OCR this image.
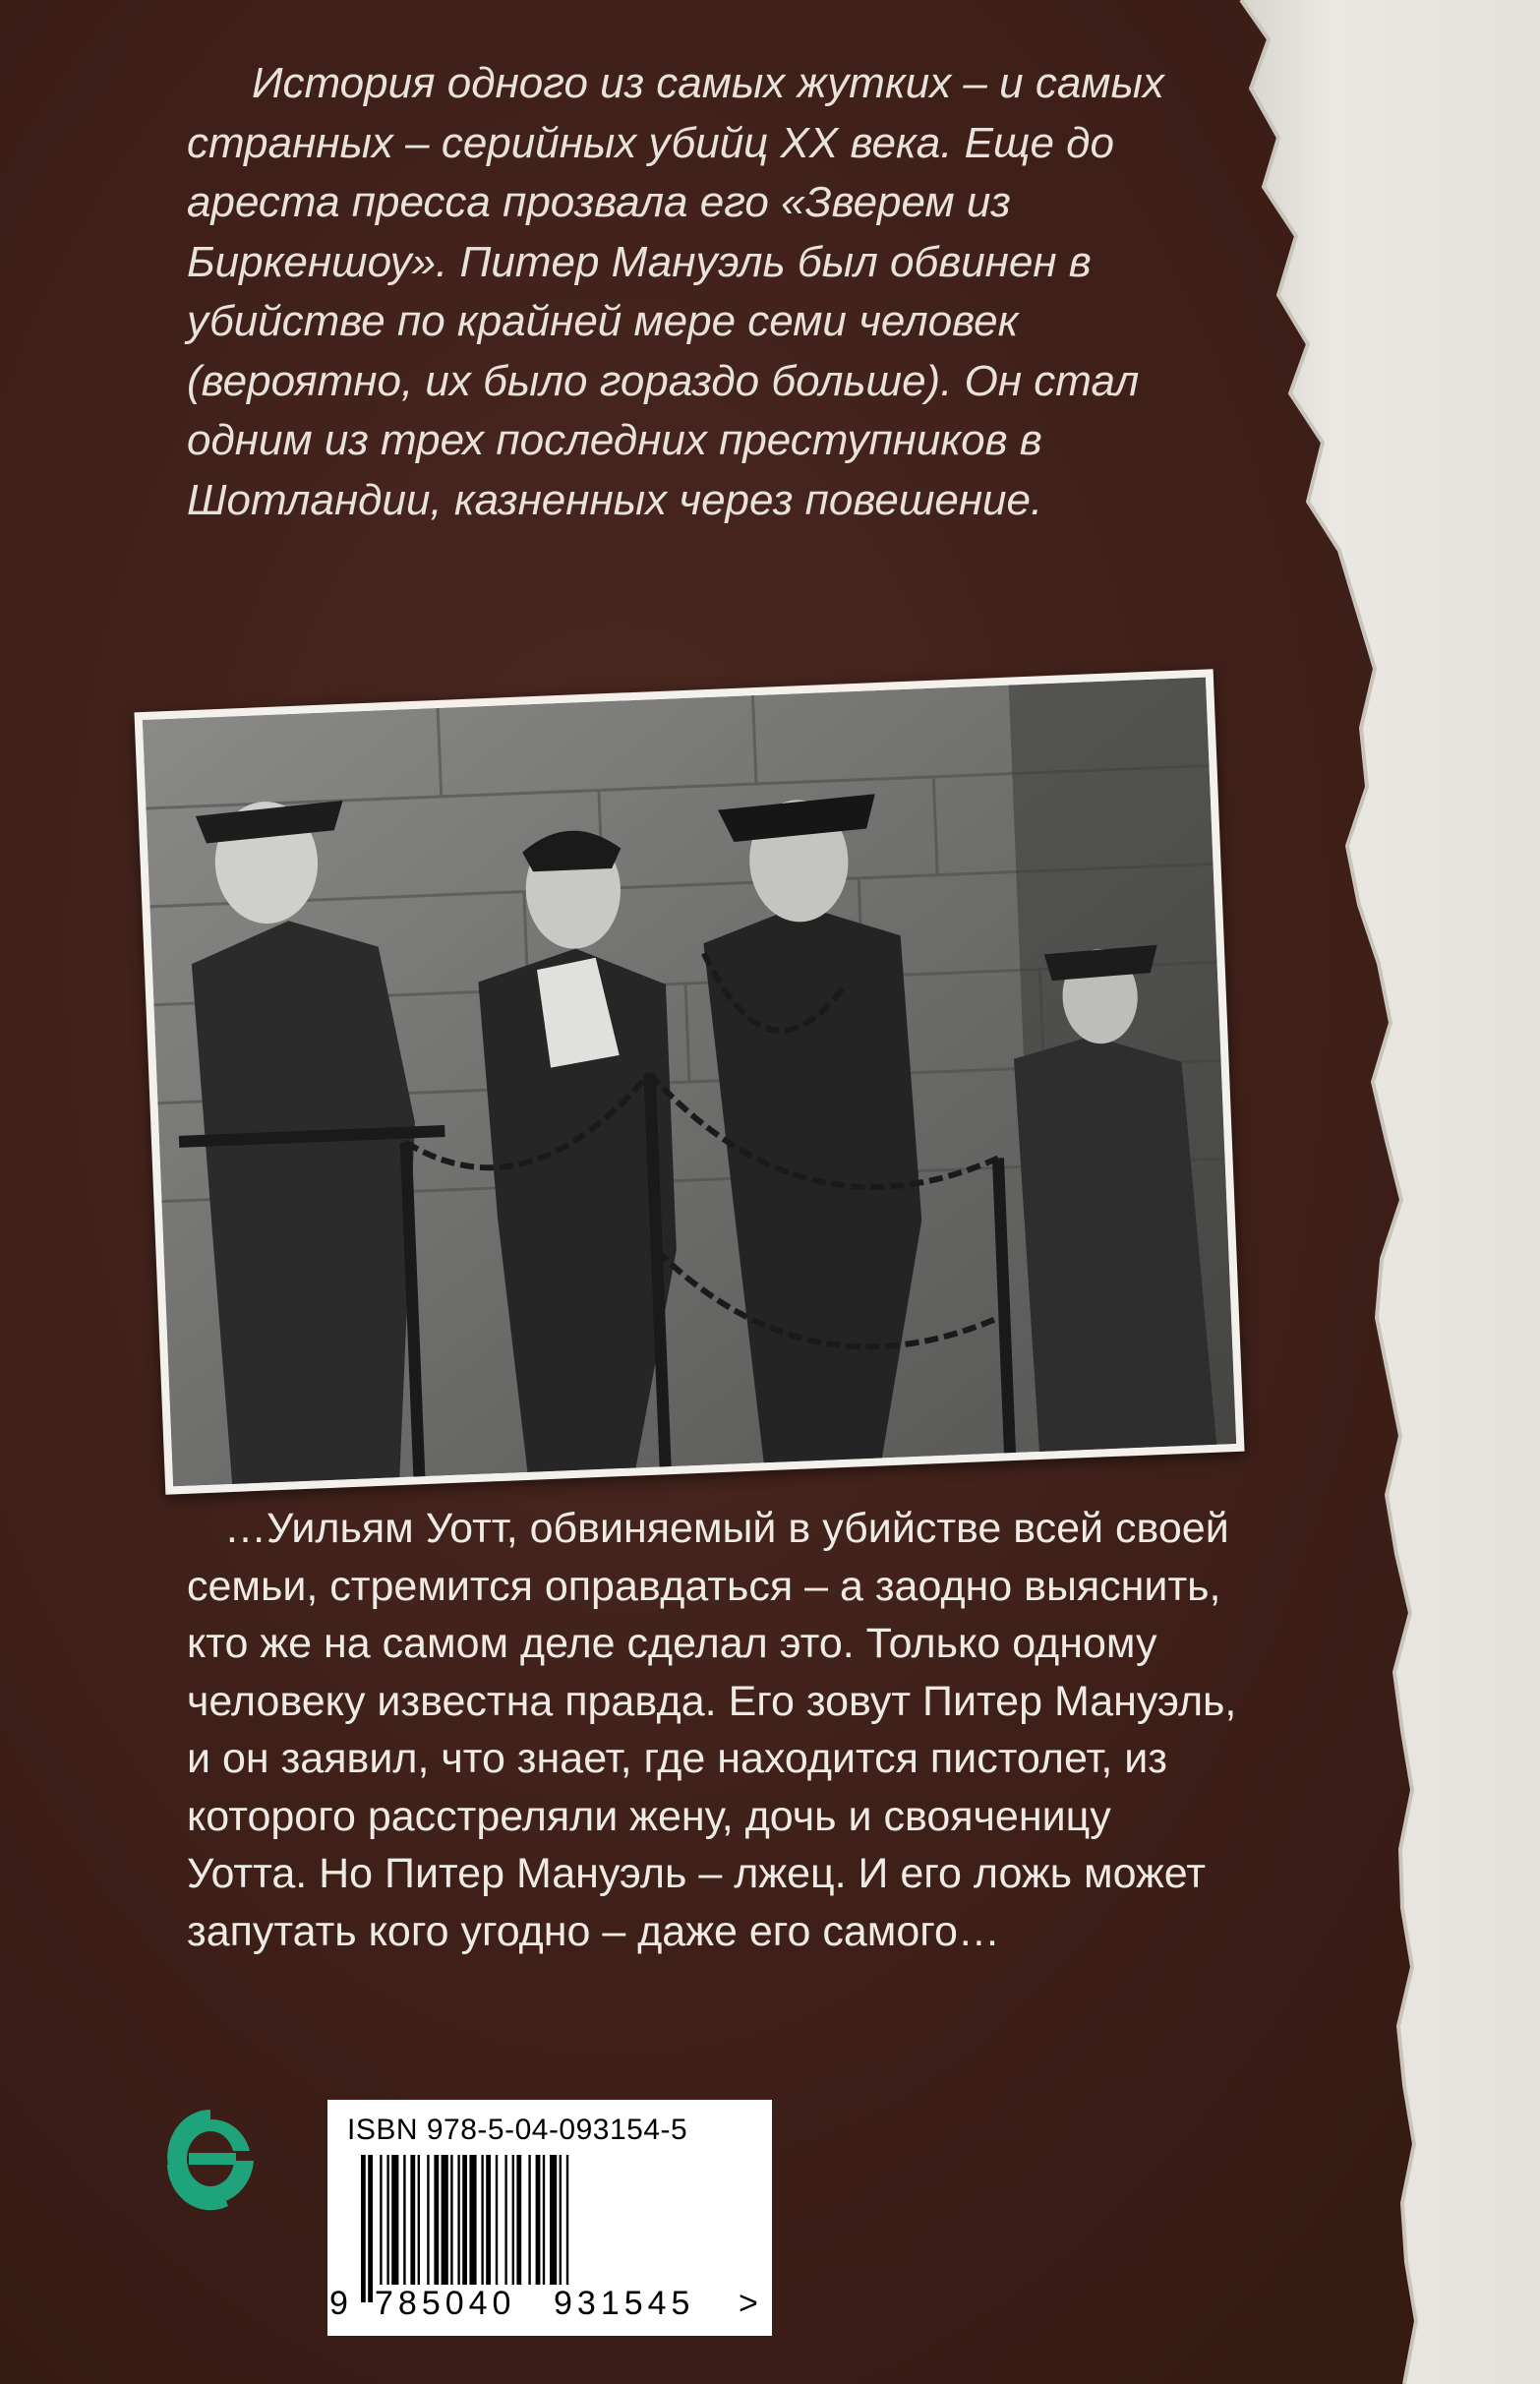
История одного из самых жутких – и самых странных – серийных убийц XX века. Еще до ареста пресса прозвала его «Зверем из Биркеншоу». Питер Мануэль был обвинен в убийстве по крайней мере семи человек (вероятно, их было гораздо больше). Он стал одним из трех последних преступников в Шотландии, казненных через повешение.

…Уильям Уотт, обвиняемый в убийстве всей своей семьи, стремится оправдаться – а заодно выяснить, кто же на самом деле сделал это. Только одному человеку известна правда. Его зовут Питер Мануэль, и он заявил, что знает, где находится пистолет, из которого расстреляли жену, дочь и свояченицу Уотта. Но Питер Мануэль – лжец. И его ложь может запутать кого угодно – даже его самого…

ISBN 978-5-04-093154-5
9 785040 931545 >
